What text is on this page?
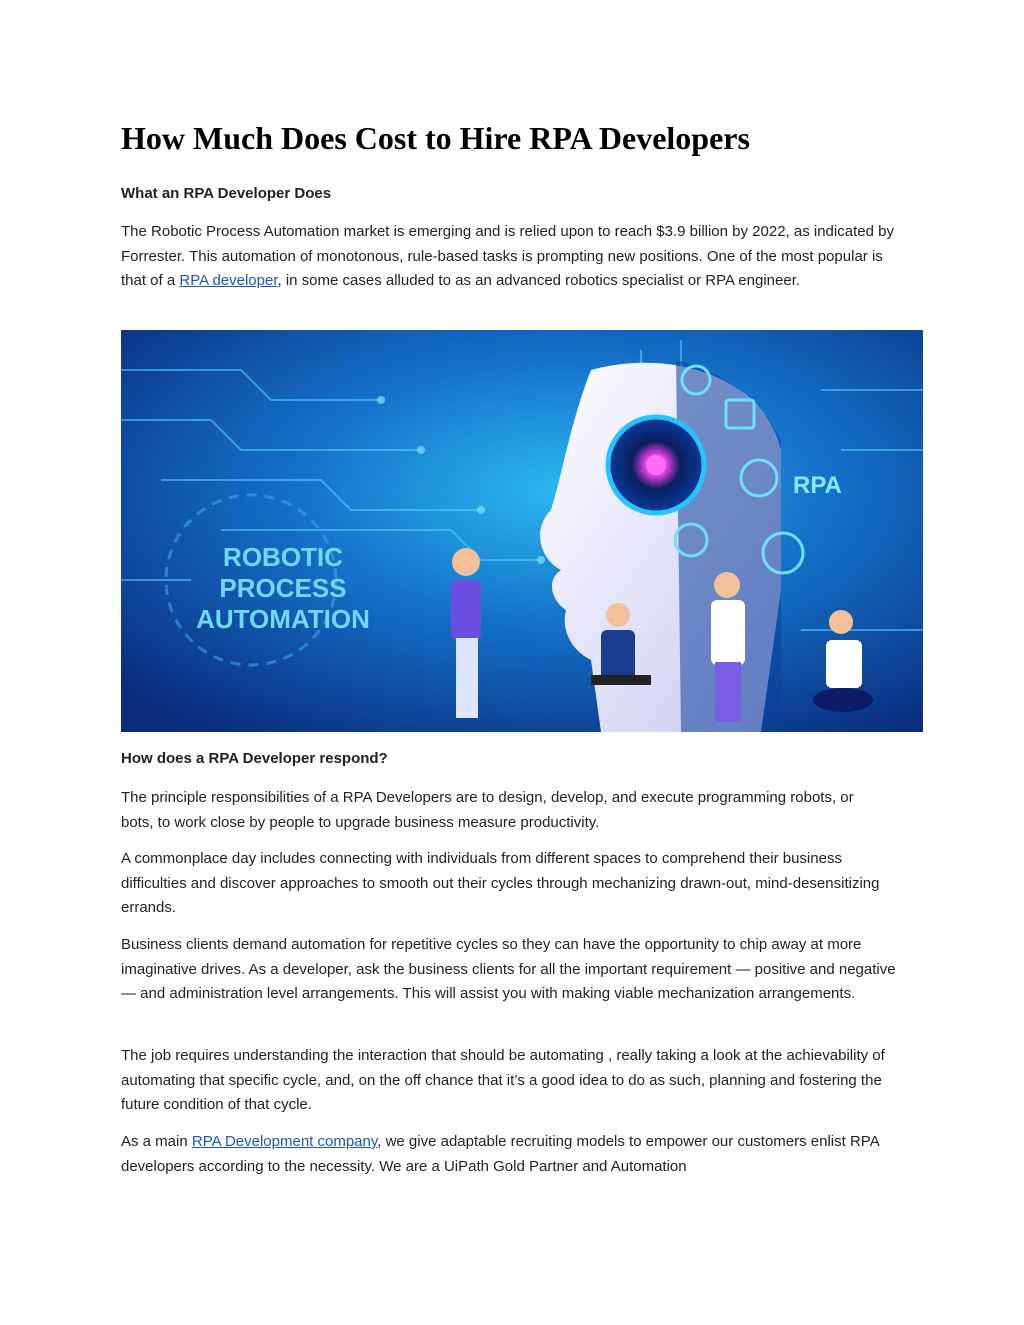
How Much Does Cost to Hire RPA Developers
What an RPA Developer Does

The Robotic Process Automation market is emerging and is relied upon to reach $3.9 billion by 2022, as indicated by Forrester. This automation of monotonous, rule-based tasks is prompting new positions. One of the most popular is that of a RPA developer, in some cases alluded to as an advanced robotics specialist or RPA engineer.

ROBOTIC
PROCESS
AUTOMATION
RPA
How does a RPA Developer respond?

The principle responsibilities of a RPA Developers are to design, develop, and execute programming robots, or bots, to work close by people to upgrade business measure productivity.

A commonplace day includes connecting with individuals from different spaces to comprehend their business difficulties and discover approaches to smooth out their cycles through mechanizing drawn-out, mind-desensitizing errands.

Business clients demand automation for repetitive cycles so they can have the opportunity to chip away at more imaginative drives. As a developer, ask the business clients for all the important requirement — positive and negative — and administration level arrangements. This will assist you with making viable mechanization arrangements.

The job requires understanding the interaction that should be automating , really taking a look at the achievability of automating that specific cycle, and, on the off chance that it’s a good idea to do as such, planning and fostering the future condition of that cycle.

As a main RPA Development company, we give adaptable recruiting models to empower our customers enlist RPA developers according to the necessity. We are a UiPath Gold Partner and Automation
